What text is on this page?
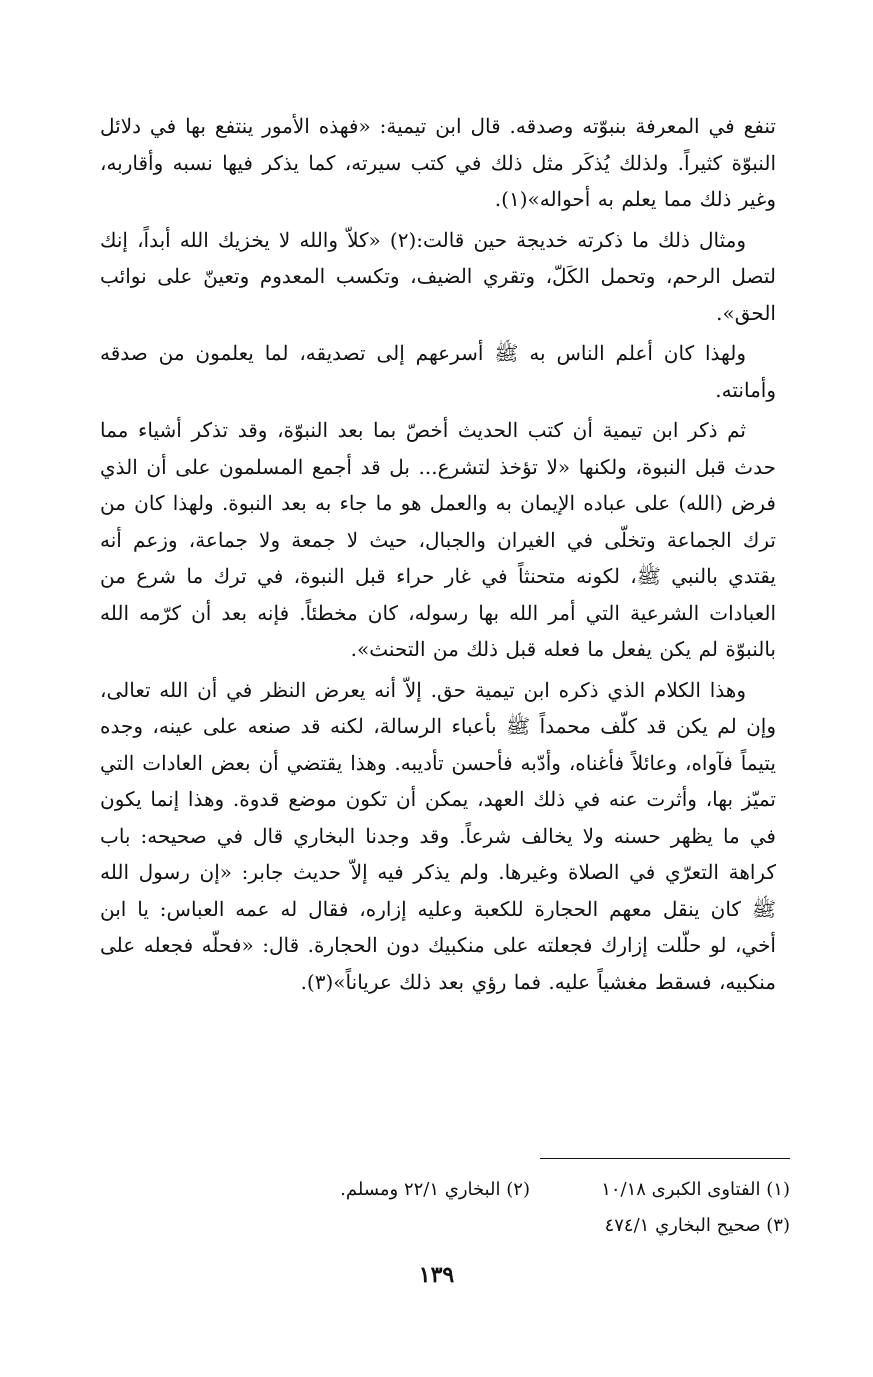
تنفع في المعرفة بنبوّته وصدقه. قال ابن تيمية: «فهذه الأمور ينتفع بها في دلائل النبوّة كثيراً. ولذلك يُذكَر مثل ذلك في كتب سيرته، كما يذكر فيها نسبه وأقاربه، وغير ذلك مما يعلم به أحواله»(١).

ومثال ذلك ما ذكرته خديجة حين قالت:(٢) «كلاّ والله لا يخزيك الله أبداً، إنك لتصل الرحم، وتحمل الكَلّ، وتقري الضيف، وتكسب المعدوم وتعينّ على نوائب الحق».

ولهذا كان أعلم الناس به ﷺ أسرعهم إلى تصديقه، لما يعلمون من صدقه وأمانته.

ثم ذكر ابن تيمية أن كتب الحديث أخصّ بما بعد النبوّة، وقد تذكر أشياء مما حدث قبل النبوة، ولكنها «لا تؤخذ لتشرع... بل قد أجمع المسلمون على أن الذي فرض (الله) على عباده الإيمان به والعمل هو ما جاء به بعد النبوة. ولهذا كان من ترك الجماعة وتخلّى في الغيران والجبال، حيث لا جمعة ولا جماعة، وزعم أنه يقتدي بالنبي ﷺ، لكونه متحنثاً في غار حراء قبل النبوة، في ترك ما شرع من العبادات الشرعية التي أمر الله بها رسوله، كان مخطئاً. فإنه بعد أن كرّمه الله بالنبوّة لم يكن يفعل ما فعله قبل ذلك من التحنث».

وهذا الكلام الذي ذكره ابن تيمية حق. إلاّ أنه يعرض النظر في أن الله تعالى، وإن لم يكن قد كلّف محمداً ﷺ بأعباء الرسالة، لكنه قد صنعه على عينه، وجده يتيماً فآواه، وعائلاً فأغناه، وأدّبه فأحسن تأديبه. وهذا يقتضي أن بعض العادات التي تميّز بها، وأثرت عنه في ذلك العهد، يمكن أن تكون موضع قدوة. وهذا إنما يكون في ما يظهر حسنه ولا يخالف شرعاً. وقد وجدنا البخاري قال في صحيحه: باب كراهة التعرّي في الصلاة وغيرها. ولم يذكر فيه إلاّ حديث جابر: «إن رسول الله ﷺ كان ينقل معهم الحجارة للكعبة وعليه إزاره، فقال له عمه العباس: يا ابن أخي، لو حلّلت إزارك فجعلته على منكبيك دون الحجارة. قال: «فحلّه فجعله على منكبيه، فسقط مغشياً عليه. فما رؤي بعد ذلك عرياناً»(٣).

(١) الفتاوى الكبرى ١٠/١٨
(٢) البخاري ٢٢/١ ومسلم.
(٣) صحيح البخاري ٤٧٤/١
١٣٩
